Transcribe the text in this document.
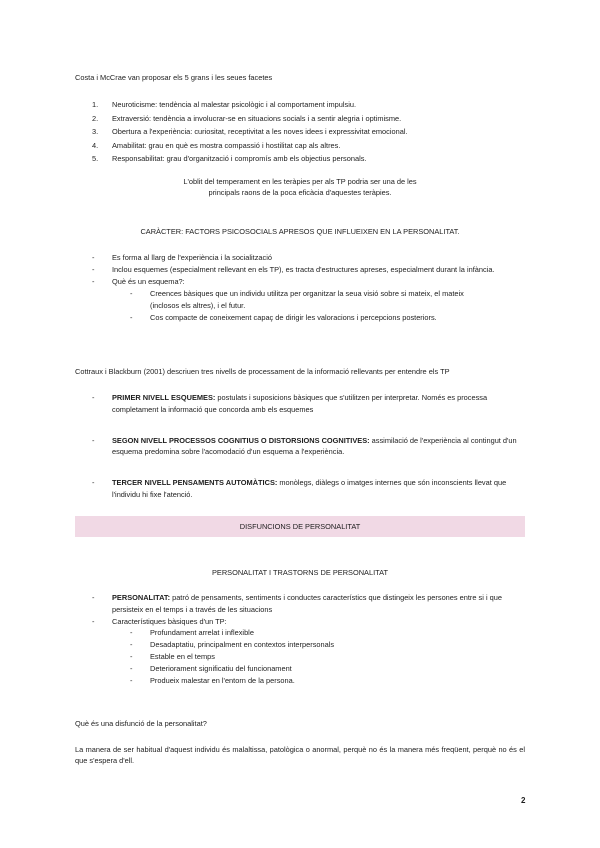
Costa i McCrae van proposar els 5 grans i les seues facetes
1. Neuroticisme: tendència al malestar psicològic i al comportament impulsiu.
2. Extraversió: tendència a involucrar-se en situacions socials i a sentir alegria i optimisme.
3. Obertura a l'experiència: curiositat, receptivitat a les noves idees i expressivitat emocional.
4. Amabilitat: grau en què es mostra compassió i hostilitat cap als altres.
5. Responsabilitat: grau d'organització i compromís amb els objectius personals.
L'oblit del temperament en les teràpies per als TP podria ser una de les
principals raons de la poca eficàcia d'aquestes teràpies.
CARÀCTER: FACTORS PSICOSOCIALS APRESOS QUE INFLUEIXEN EN LA PERSONALITAT.
- Es forma al llarg de l'experiència i la socialització
- Inclou esquemes (especialment rellevant en els TP), es tracta d'estructures apreses, especialment durant la infància.
- Què és un esquema?:
- Creences bàsiques que un individu utilitza per organitzar la seua visió sobre si mateix, el mateix (inclosos els altres), i el futur.
- Cos compacte de coneixement capaç de dirigir les valoracions i percepcions posteriors.
Cottraux i Blackburn (2001) descriuen tres nivells de processament de la informació rellevants per entendre els TP
- PRIMER NIVELL ESQUEMES: postulats i suposicions bàsiques que s'utilitzen per interpretar. Només es processa completament la informació que concorda amb els esquemes
- SEGON NIVELL PROCESSOS COGNITIUS O DISTORSIONS COGNITIVES: assimilació de l'experiència al contingut d'un esquema predomina sobre l'acomodació d'un esquema a l'experiència.
- TERCER NIVELL PENSAMENTS AUTOMÀTICS: monòlegs, diàlegs o imatges internes que són inconscients llevat que l'individu hi fixe l'atenció.
DISFUNCIONS DE PERSONALITAT
PERSONALITAT I TRASTORNS DE PERSONALITAT
- PERSONALITAT: patró de pensaments, sentiments i conductes característics que distingeix les persones entre si i que persisteix en el temps i a través de les situacions
- Característiques bàsiques d'un TP:
- Profundament arrelat i inflexible
- Desadaptatiu, principalment en contextos interpersonals
- Estable en el temps
- Deteriorament significatiu del funcionament
- Produeix malestar en l'entorn de la persona.
Què és una disfunció de la personalitat?
La manera de ser habitual d'aquest individu és malaltissa, patològica o anormal, perquè no és la manera més freqüent, perquè no és el que s'espera d'ell.
2
